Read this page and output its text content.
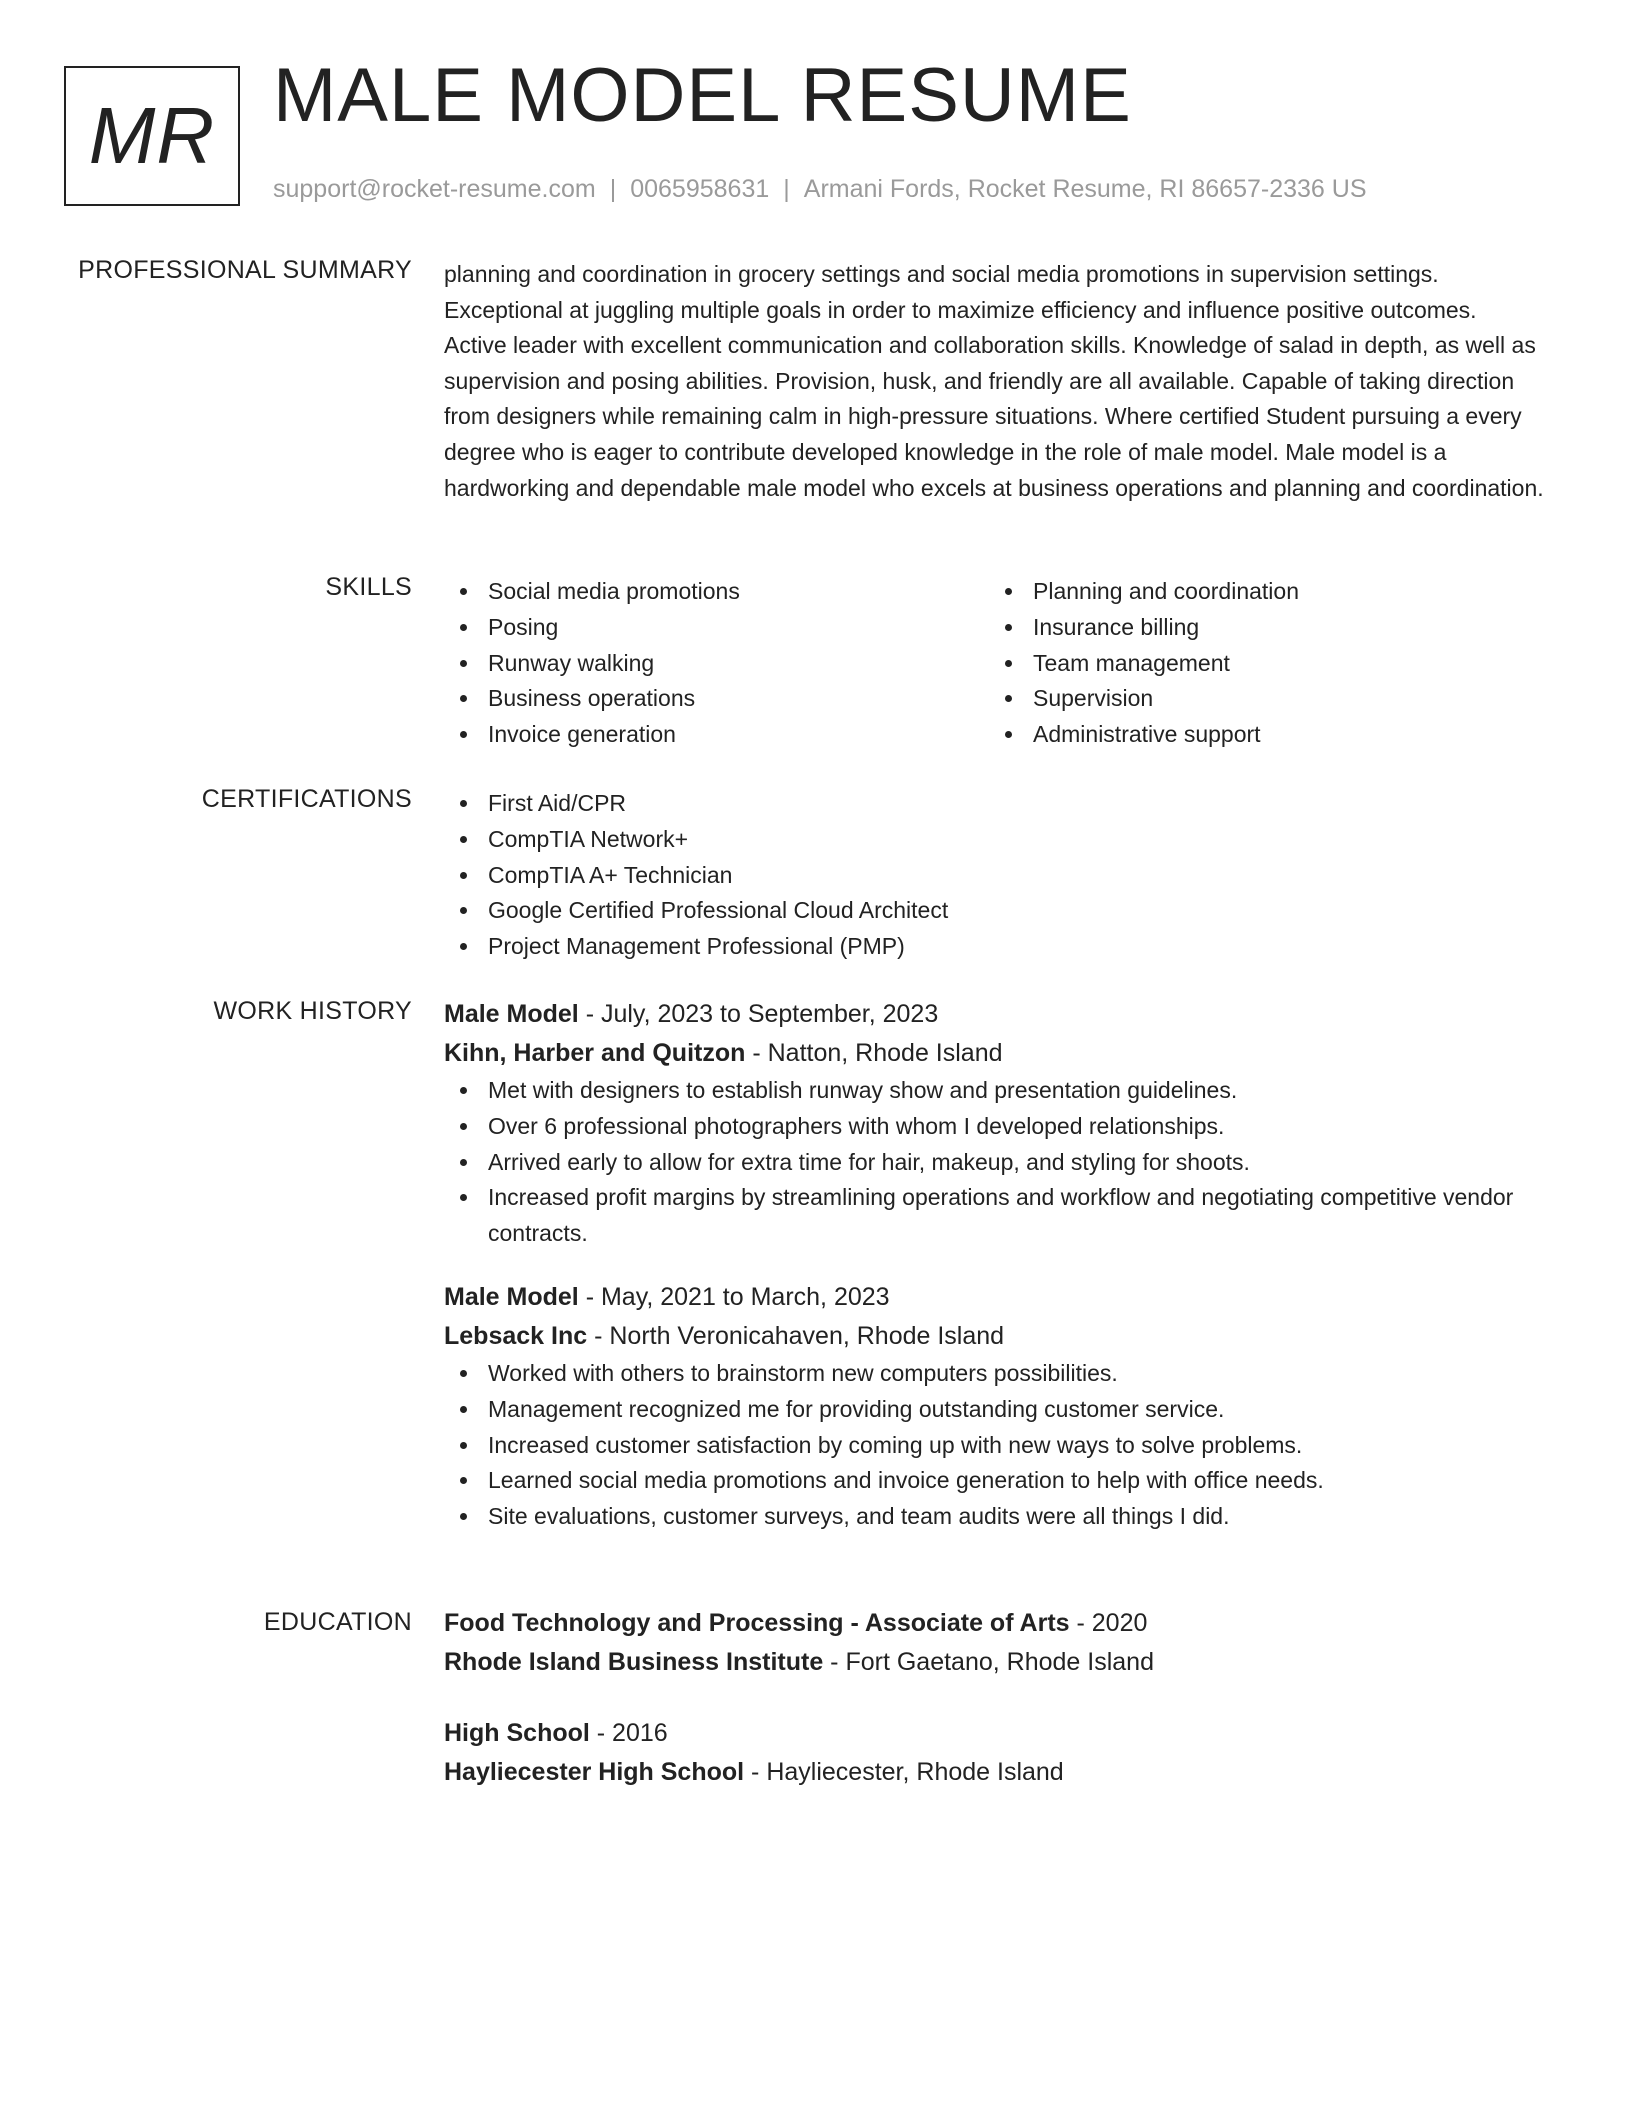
MR MALE MODEL RESUME
support@rocket-resume.com | 0065958631 | Armani Fords, Rocket Resume, RI 86657-2336 US
PROFESSIONAL SUMMARY planning and coordination in grocery settings and social media promotions in supervision settings. Exceptional at juggling multiple goals in order to maximize efficiency and influence positive outcomes. Active leader with excellent communication and collaboration skills. Knowledge of salad in depth, as well as supervision and posing abilities. Provision, husk, and friendly are all available. Capable of taking direction from designers while remaining calm in high-pressure situations. Where certified Student pursuing a every degree who is eager to contribute developed knowledge in the role of male model. Male model is a hardworking and dependable male model who excels at business operations and planning and coordination.

SKILLS	Social media promotions
Posing
Runway walking
Business operations
Invoice generation
Planning and coordination
Insurance billing
Team management
Supervision
Administrative support
CERTIFICATIONS	First Aid/CPR
CompTIA Network+
CompTIA A+ Technician
Google Certified Professional Cloud Architect
Project Management Professional (PMP)
WORK HISTORY Male Model - July, 2023 to September, 2023
Kihn, Harber and Quitzon - Natton, Rhode Island
Met with designers to establish runway show and presentation guidelines.
Over 6 professional photographers with whom I developed relationships.
Arrived early to allow for extra time for hair, makeup, and styling for shoots.
Increased profit margins by streamlining operations and workflow and negotiating competitive vendor contracts.
Male Model - May, 2021 to March, 2023
Lebsack Inc - North Veronicahaven, Rhode Island
Worked with others to brainstorm new computers possibilities.
Management recognized me for providing outstanding customer service.
Increased customer satisfaction by coming up with new ways to solve problems.
Learned social media promotions and invoice generation to help with office needs.
Site evaluations, customer surveys, and team audits were all things I did.
EDUCATION Food Technology and Processing - Associate of Arts - 2020
Rhode Island Business Institute - Fort Gaetano, Rhode Island
High School - 2016
Hayliecester High School - Hayliecester, Rhode Island
